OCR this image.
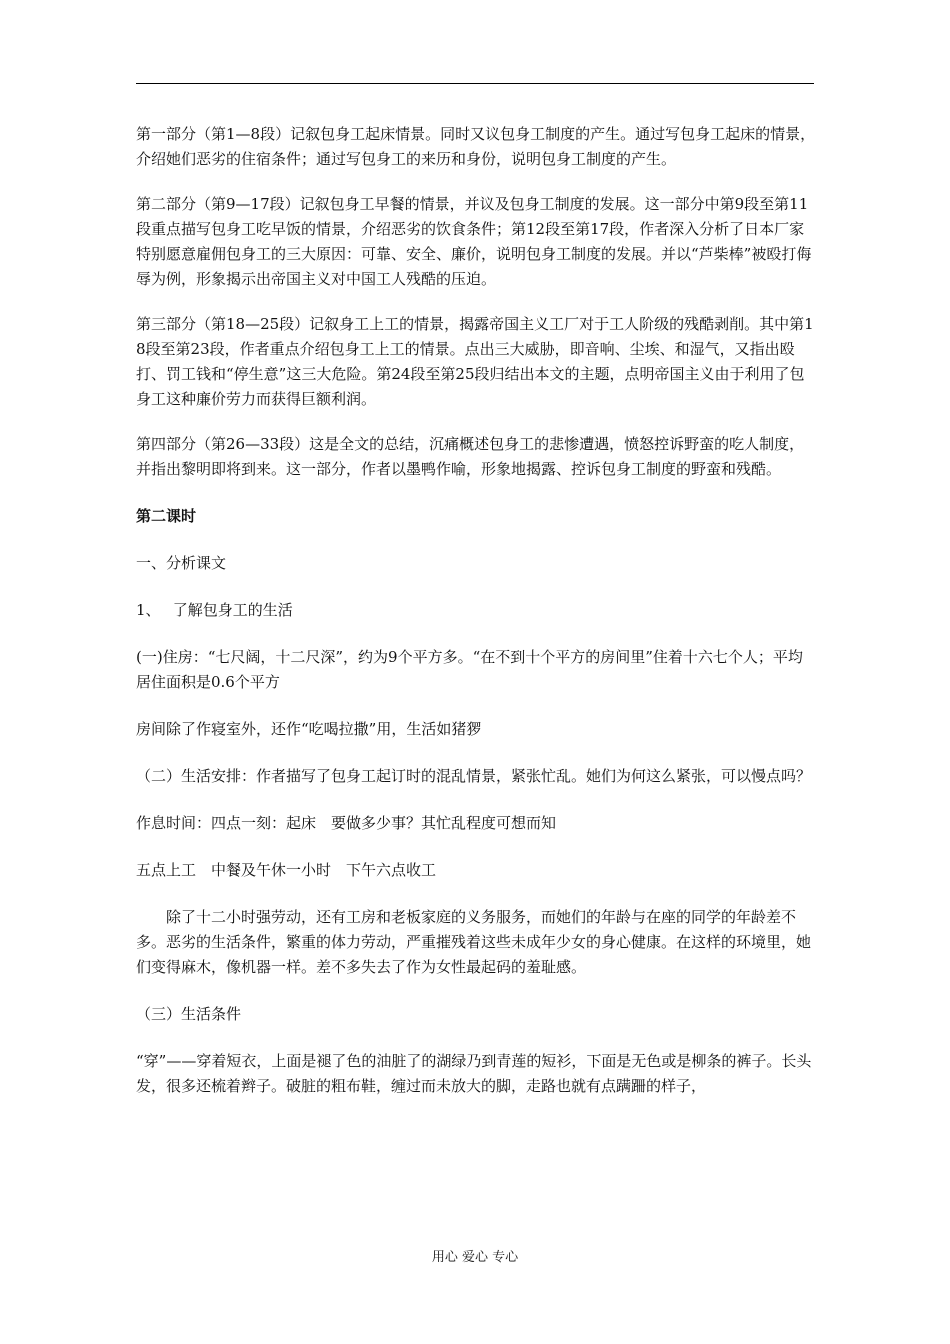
第一部分（第1—8段）记叙包身工起床情景。同时又议包身工制度的产生。通过写包身工起床的情景，介绍她们恶劣的住宿条件；通过写包身工的来历和身份，说明包身工制度的产生。

第二部分（第9—17段）记叙包身工早餐的情景，并议及包身工制度的发展。这一部分中第9段至第11段重点描写包身工吃早饭的情景，介绍恶劣的饮食条件；第12段至第17段，作者深入分析了日本厂家特别愿意雇佣包身工的三大原因：可靠、安全、廉价，说明包身工制度的发展。并以“芦柴棒”被殴打侮辱为例，形象揭示出帝国主义对中国工人残酷的压迫。

第三部分（第18—25段）记叙身工上工的情景，揭露帝国主义工厂对于工人阶级的残酷剥削。其中第18段至第23段，作者重点介绍包身工上工的情景。点出三大威胁，即音响、尘埃、和湿气，又指出殴打、罚工钱和“停生意”这三大危险。第24段至第25段归结出本文的主题，点明帝国主义由于利用了包身工这种廉价劳力而获得巨额利润。

第四部分（第26—33段）这是全文的总结，沉痛概述包身工的悲惨遭遇，愤怒控诉野蛮的吃人制度，并指出黎明即将到来。这一部分，作者以墨鸭作喻，形象地揭露、控诉包身工制度的野蛮和残酷。

第二课时

一、分析课文

1、　 了解包身工的生活

(一)住房：“七尺阔，十二尺深”，约为9个平方多。“在不到十个平方的房间里”住着十六七个人；平均居住面积是0.6个平方

房间除了作寝室外，还作“吃喝拉撒”用，生活如猪猡

（二）生活安排：作者描写了包身工起订时的混乱情景，紧张忙乱。她们为何这么紧张，可以慢点吗？

作息时间：四点一刻：起床　要做多少事？其忙乱程度可想而知

五点上工　中餐及午休一小时　下午六点收工

除了十二小时强劳动，还有工房和老板家庭的义务服务，而她们的年龄与在座的同学的年龄差不多。恶劣的生活条件，繁重的体力劳动，严重摧残着这些未成年少女的身心健康。在这样的环境里，她们变得麻木，像机器一样。差不多失去了作为女性最起码的羞耻感。

（三）生活条件

“穿”——穿着短衣，上面是褪了色的油脏了的湖绿乃到青莲的短衫，下面是无色或是柳条的裤子。长头发，很多还梳着辫子。破脏的粗布鞋，缠过而未放大的脚，走路也就有点蹒跚的样子，

用心 爱心 专心
